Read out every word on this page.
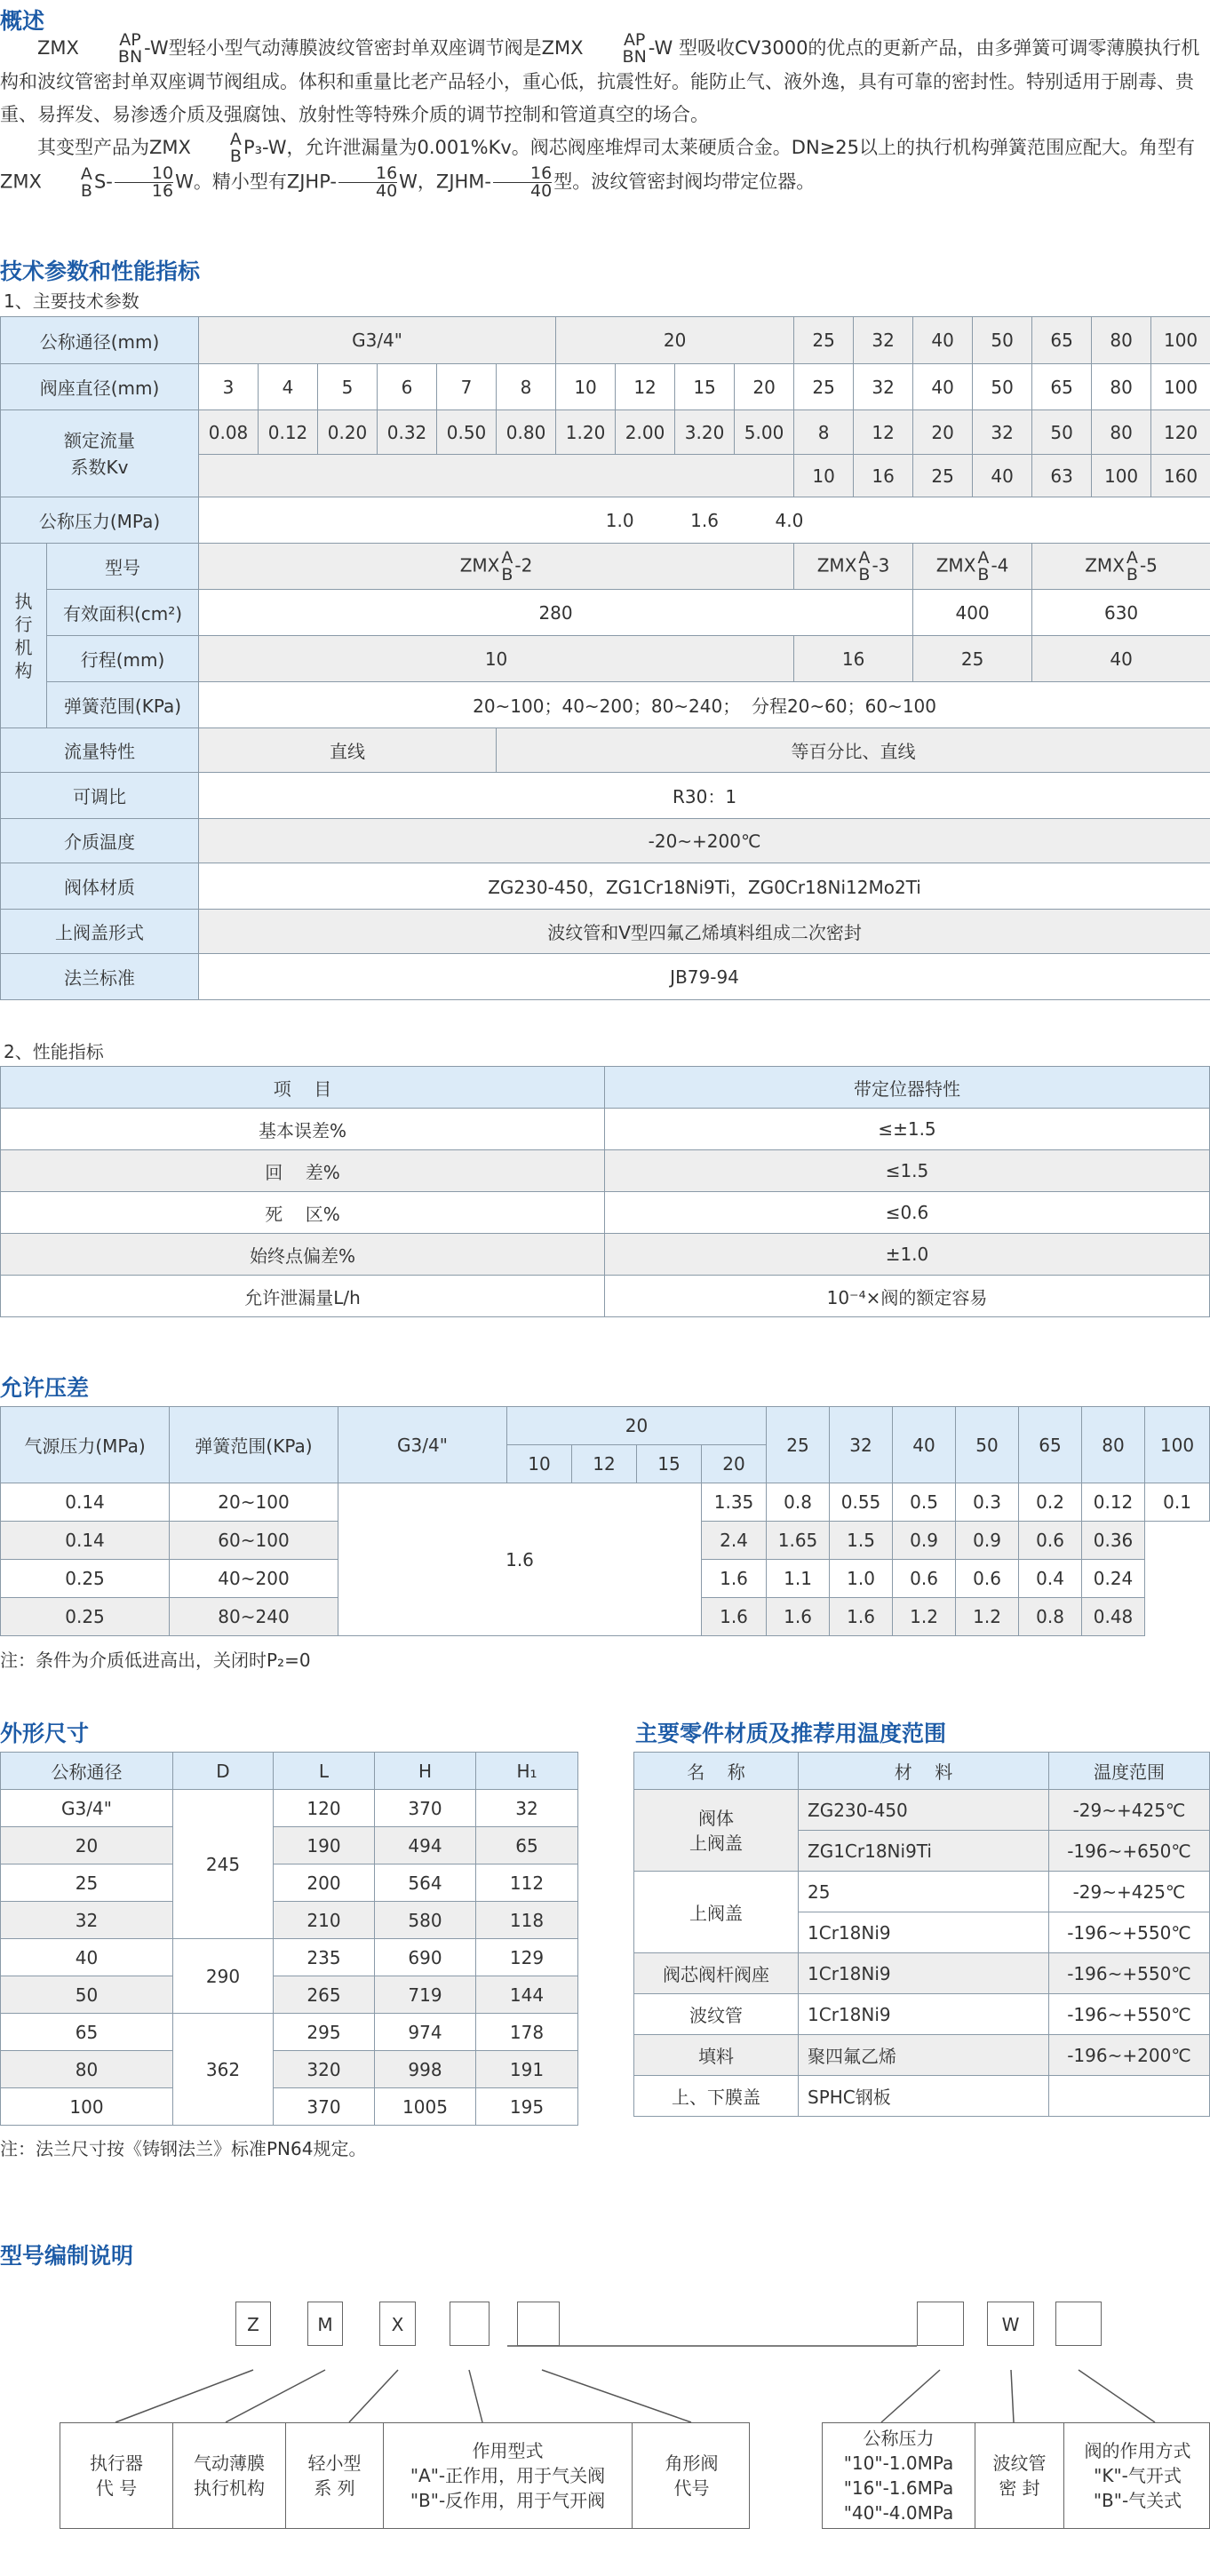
概述

ZMX	AP
BN -W型轻小型气动薄膜波纹管密封单双座调节阀是ZMX	AP
BN -W 型吸收CV3000的优点的更新产品，由多弹簧可调零薄膜执行机构和波纹管密封单双座调节阀组成。体积和重量比老产品轻小，重心低，抗震性好。能防止气、液外逸，具有可靠的密封性。特别适用于剧毒、贵重、易挥发、易渗透介质及强腐蚀、放射性等特殊介质的调节控制和管道真空的场合。

其变型产品为ZMX	A
B P₃-W，允许泄漏量为0.001%Kv。阀芯阀座堆焊司太莱硬质合金。DN≥25以上的执行机构弹簧范围应配大。角型有ZMX	A
B $S- \frac{10}{16}$ W。精小型有ZJHP- $\frac{16}{40}$ W，ZJHM- $\frac{16}{40}$ 型。波纹管密封阀均带定位器。

技术参数和性能指标
1、主要技术参数
公称通径(mm)		G3/4"						20				25	32	40	50	65	80	100
阀座直径(mm)		3	4	5	6	7	8	10	12	15	20	25	32	40	50	65	80	100
额定流量
系数Kv		0.08	0.12	0.20	0.32	0.50	0.80	1.20	2.00	3.20	5.00	8	12	20	32	50	80	120
												10	16	25	40	63	100	160
公称压力(MPa)		1.0          1.6          4.0																

执行机构	型号	ZMX A
B -2										ZMX A
B -3		ZMX A
B -4		ZMX A
B -5		
	有效面积(cm²)	280												400		630		
	行程(mm)	10										16		25		40		
	弹簧范围(KPa)	20~100；40~200；80~240；  分程20~60；60~100																
流量特性		直线					等百分比、直线											
可调比		R30：1																
介质温度		-20~+200℃																
阀体材质		ZG230-450，ZG1Cr18Ni9Ti，ZG0Cr18Ni12Mo2Ti																
上阀盖形式		波纹管和V型四氟乙烯填料组成二次密封																
法兰标准		JB79-94																
2、性能指标
项    目	带定位器特性
基本误差%	≤±1.5
回    差%	≤1.5
死    区%	≤0.6
始终点偏差%	±1.0
允许泄漏量L/h	10⁻⁴×阀的额定容易
允许压差
气源压力(MPa)	弹簧范围(KPa)	G3/4"	20				25	32	40	50	65	80	100
			10	12	15	20							
0.14	20~100	1.6				1.35	0.8	0.55	0.5	0.3	0.2	0.12	0.1
0.14	60~100					2.4	1.65	1.5	0.9	0.9	0.6	0.36	
0.25	40~200					1.6	1.1	1.0	0.6	0.6	0.4	0.24	
0.25	80~240					1.6	1.6	1.6	1.2	1.2	0.8	0.48	
注：条件为介质低进高出，关闭时P₂=0
外形尺寸
公称通径	D	L	H	H₁
G3/4"	245	120	370	32
20		190	494	65
25		200	564	112
32		210	580	118
40	290	235	690	129
50		265	719	144
65	362	295	974	178
80		320	998	191
100		370	1005	195
注：法兰尺寸按《铸钢法兰》标准PN64规定。
主要零件材质及推荐用温度范围
名    称	材    料	温度范围
阀体
上阀盖	ZG230-450	-29~+425℃
	ZG1Cr18Ni9Ti	-196~+650℃
上阀盖	25	-29~+425℃
	1Cr18Ni9	-196~+550℃
阀芯阀杆阀座	1Cr18Ni9	-196~+550℃
波纹管	1Cr18Ni9	-196~+550℃
填料	聚四氟乙烯	-196~+200℃
上、下膜盖	SPHC钢板	
型号编制说明
Z	M	X	W
执行器
代 号
气动薄膜
执行机构
轻小型
系 列
作用型式
"A"-正作用，用于气关阀
"B"-反作用，用于气开阀
角形阀
代号
公称压力
"10"-1.0MPa
"16"-1.6MPa
"40"-4.0MPa
波纹管
密 封
阀的作用方式
"K"-气开式
"B"-气关式
